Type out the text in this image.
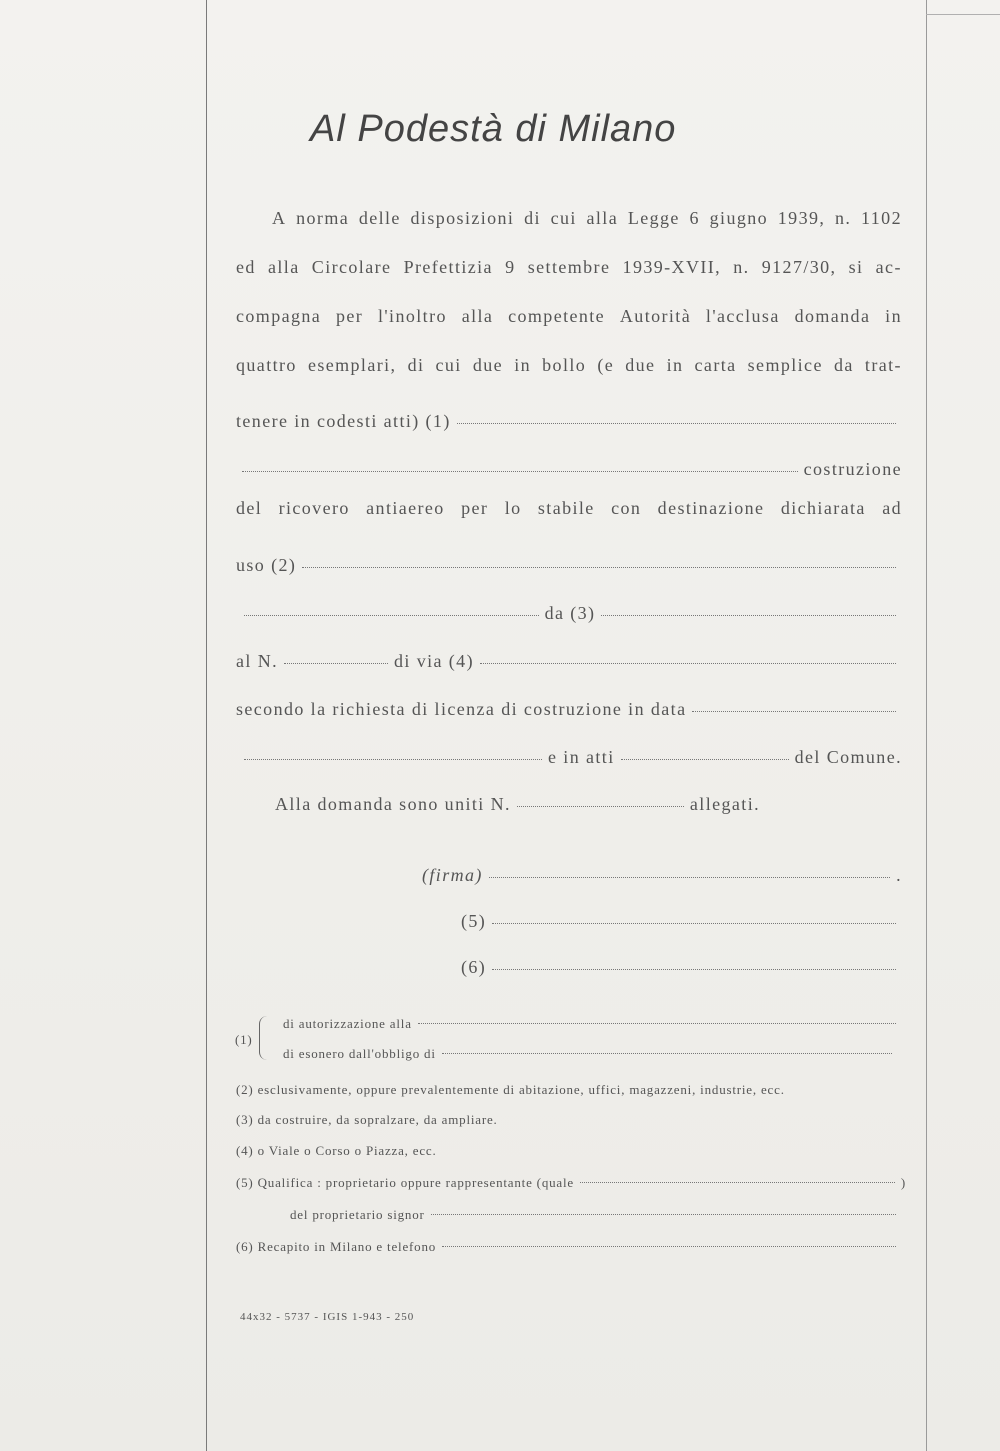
Al Podestà di Milano
A norma delle disposizioni di cui alla Legge 6 giugno 1939, n. 1102
ed alla Circolare Prefettizia 9 settembre 1939-XVII, n. 9127/30, si ac-
compagna per l'inoltro alla competente Autorità l'acclusa domanda in
quattro esemplari, di cui due in bollo (e due in carta semplice da trat-
tenere in codesti atti) (1)
costruzione
del ricovero antiaereo per lo stabile con destinazione dichiarata ad
uso (2)
da (3)
al N.	di via (4)
secondo la richiesta di licenza di costruzione in data
e in atti	del Comune.
Alla domanda sono uniti N.	allegati.
(firma)	.
(5)
(6)
(1)
di autorizzazione alla
di esonero dall'obbligo di
(2) esclusivamente, oppure prevalentemente di abitazione, uffici, magazzeni, industrie, ecc.
(3) da costruire, da sopralzare, da ampliare.
(4) o Viale o Corso o Piazza, ecc.
(5) Qualifica : proprietario oppure rappresentante (quale	)
del proprietario signor
(6) Recapito in Milano e telefono
44x32 - 5737 - IGIS 1-943 - 250
